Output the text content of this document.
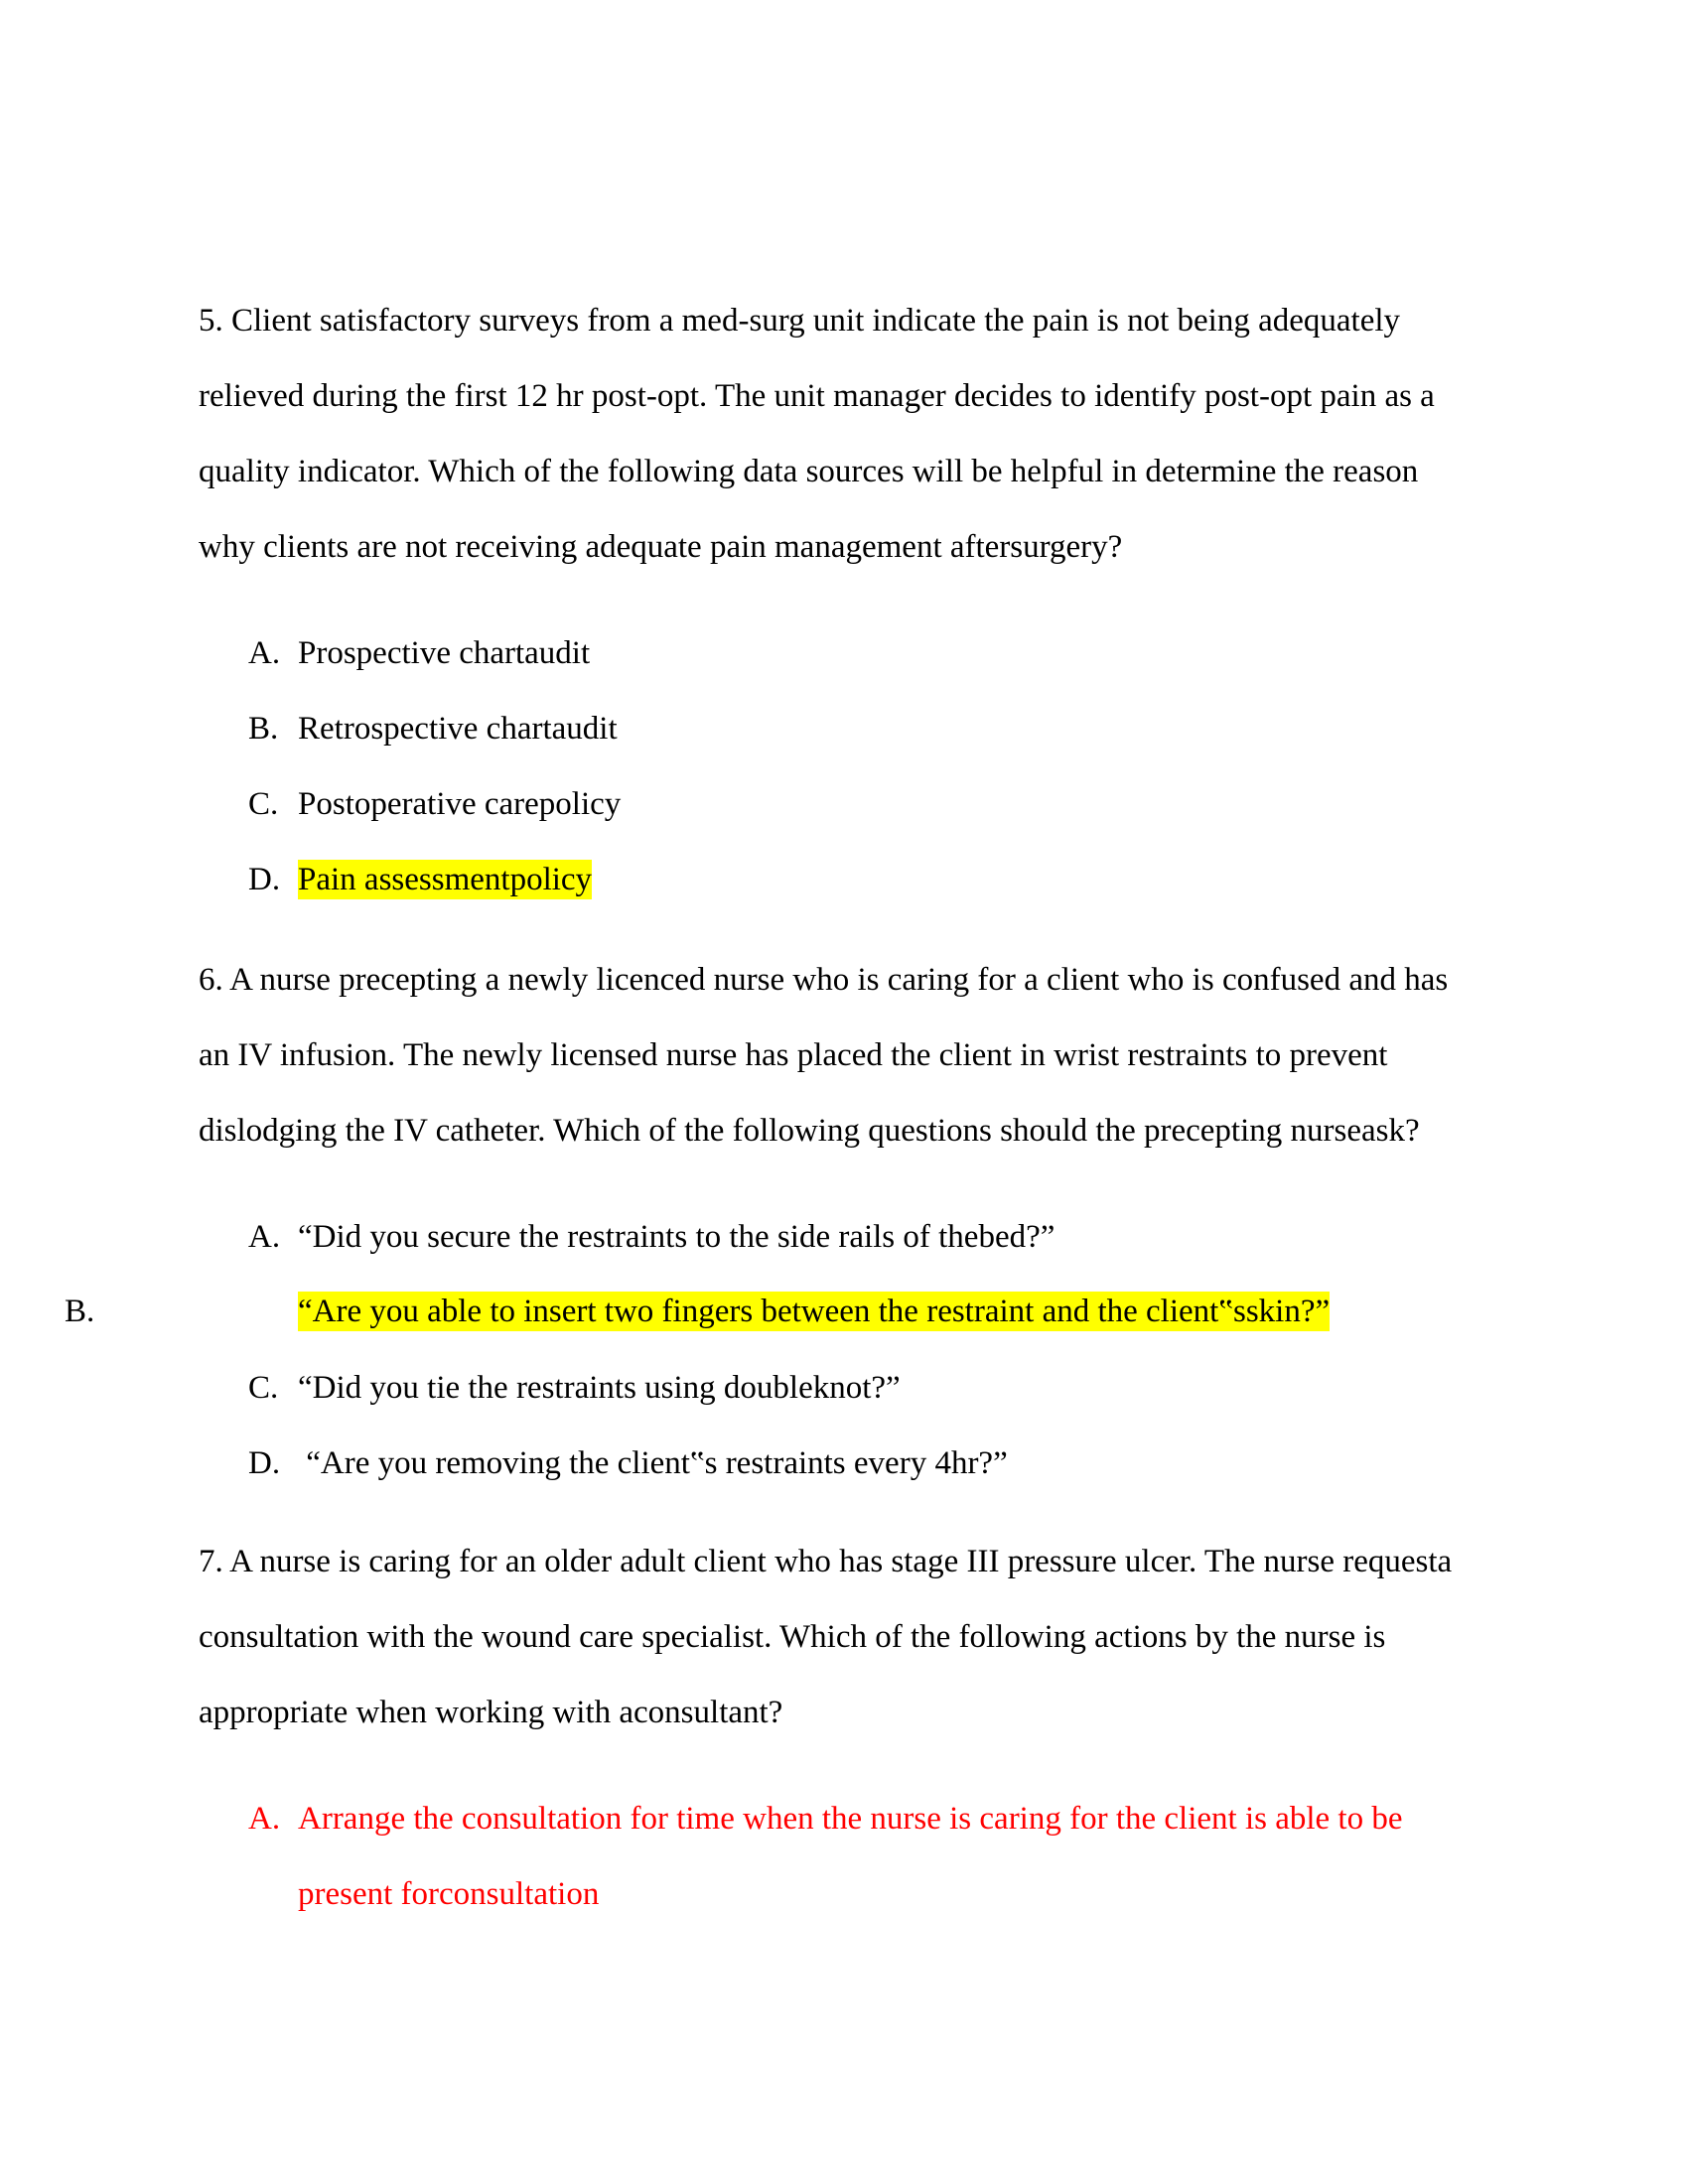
5. Client satisfactory surveys from a med-surg unit indicate the pain is not being adequately
relieved during the first 12 hr post-opt. The unit manager decides to identify post-opt pain as a
quality indicator. Which of the following data sources will be helpful in determine the reason
why clients are not receiving adequate pain management aftersurgery?
A. Prospective chartaudit
B. Retrospective chartaudit
C. Postoperative carepolicy
D. Pain assessmentpolicy
6. A nurse precepting a newly licenced nurse who is caring for a client who is confused and has
an IV infusion. The newly licensed nurse has placed the client in wrist restraints to prevent
dislodging the IV catheter. Which of the following questions should the precepting nurseask?
A. “Did you secure the restraints to the side rails of thebed?”
B.	“Are you able to insert two fingers between the restraint and the client‟sskin?”
C. “Did you tie the restraints using doubleknot?”
D. “Are you removing the client‟s restraints every 4hr?”
7. A nurse is caring for an older adult client who has stage III pressure ulcer. The nurse requesta
consultation with the wound care specialist. Which of the following actions by the nurse is
appropriate when working with aconsultant?
A. Arrange the consultation for time when the nurse is caring for the client is able to be
present forconsultation
